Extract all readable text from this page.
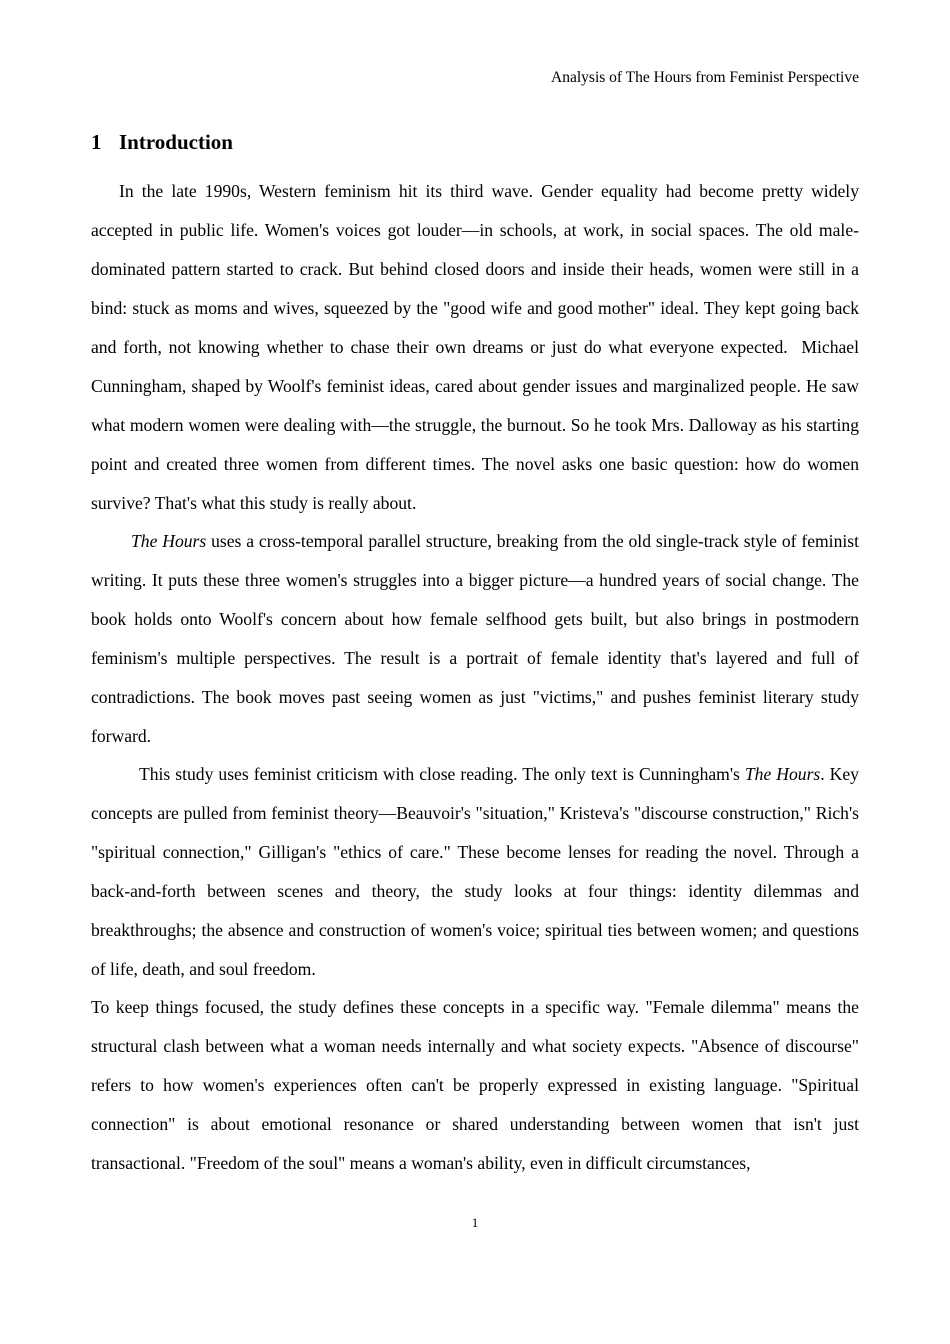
Analysis of The Hours from Feminist Perspective
1 Introduction

In the late 1990s, Western feminism hit its third wave. Gender equality had become pretty widely accepted in public life. Women's voices got louder—in schools, at work, in social spaces. The old male-dominated pattern started to crack. But behind closed doors and inside their heads, women were still in a bind: stuck as moms and wives, squeezed by the "good wife and good mother" ideal. They kept going back and forth, not knowing whether to chase their own dreams or just do what everyone expected.  Michael Cunningham, shaped by Woolf's feminist ideas, cared about gender issues and marginalized people. He saw what modern women were dealing with—the struggle, the burnout. So he took Mrs. Dalloway as his starting point and created three women from different times. The novel asks one basic question: how do women survive? That's what this study is really about.

The Hours uses a cross-temporal parallel structure, breaking from the old single-track style of feminist writing. It puts these three women's struggles into a bigger picture—a hundred years of social change. The book holds onto Woolf's concern about how female selfhood gets built, but also brings in postmodern feminism's multiple perspectives. The result is a portrait of female identity that's layered and full of contradictions. The book moves past seeing women as just "victims," and pushes feminist literary study forward.

This study uses feminist criticism with close reading. The only text is Cunningham's The Hours. Key concepts are pulled from feminist theory—Beauvoir's "situation," Kristeva's "discourse construction," Rich's "spiritual connection," Gilligan's "ethics of care." These become lenses for reading the novel. Through a back-and-forth between scenes and theory, the study looks at four things: identity dilemmas and breakthroughs; the absence and construction of women's voice; spiritual ties between women; and questions of life, death, and soul freedom.

To keep things focused, the study defines these concepts in a specific way. "Female dilemma" means the structural clash between what a woman needs internally and what society expects. "Absence of discourse" refers to how women's experiences often can't be properly expressed in existing language. "Spiritual connection" is about emotional resonance or shared understanding between women that isn't just transactional. "Freedom of the soul" means a woman's ability, even in difficult circumstances,

1
